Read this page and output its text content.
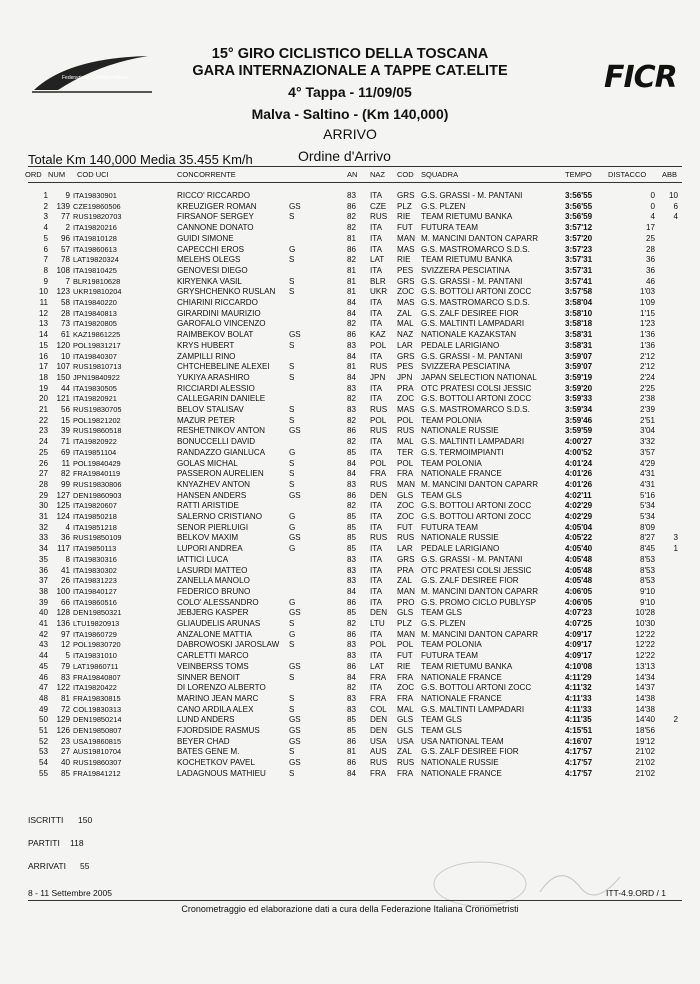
Federazione Ciclistica Italiana	FICR
15° GIRO CICLISTICO DELLA TOSCANA
GARA INTERNAZIONALE A TAPPE CAT.ELITE
4° Tappa - 11/09/05
Malva - Saltino - (Km 140,000)
ARRIVO
Totale Km 140,000 Media 35.455 Km/h	Ordine d'Arrivo
ORD NUM COD UCI	CONCORRENTE	AN NAZ COD SQUADRA	TEMPO DISTACCO ABB
1	9 ITA19830901	RICCO' RICCARDO	83 ITA GRS G.S. GRASSI - M. PANTANI	3:56'55	0	10
2	139 CZE19860506	KREUZIGER ROMAN	GS	86 CZE PLZ G.S. PLZEN	3:56'55	0	6
3	77 RUS19820703	FIRSANOF SERGEY	S	82 RUS RIE TEAM RIETUMU BANKA	3:56'59	4	4
4	2 ITA19820216	CANNONE DONATO	82 ITA FUT FUTURA TEAM	3:57'12	17
5	96 ITA19810128	GUIDI SIMONE	81 ITA MAN M. MANCINI DANTON CAPARR	3:57'20	25
6	57 ITA19860613	CAPECCHI EROS	G	86 ITA MAS G.S. MASTROMARCO S.D.S.	3:57'23	28
7	78 LAT19820324	MELEHS OLEGS	S	82 LAT RIE TEAM RIETUMU BANKA	3:57'31	36
8	108 ITA19810425	GENOVESI DIEGO	81 ITA PES SVIZZERA PESCIATINA	3:57'31	36
9	7 BLR19810628	KIRYENKA VASIL	S	81 BLR GRS G.S. GRASSI - M. PANTANI	3:57'41	46
10	123 UKR19810204	GRYSHCHENKO RUSLAN S	81 UKR ZOC G.S. BOTTOLI ARTONI ZOCC	3:57'58	1'03
11	58 ITA19840220	CHIARINI RICCARDO	84 ITA MAS G.S. MASTROMARCO S.D.S.	3:58'04	1'09
12	28 ITA19840813	GIRARDINI MAURIZIO	84 ITA ZAL G.S. ZALF DESIREE FIOR	3:58'10	1'15
13	73 ITA19820805	GAROFALO VINCENZO	82 ITA MAL G.S. MALTINTI LAMPADARI	3:58'18	1'23
14	61 KAZ19861225	RAIMBEKOV BOLAT	GS	86 KAZ NAZ NATIONALE KAZAKSTAN	3:58'31	1'36
15	120 POL19831217	KRYS HUBERT	S	83 POL LAR PEDALE LARIGIANO	3:58'31	1'36
16	10 ITA19840307	ZAMPILLI RINO	84 ITA GRS G.S. GRASSI - M. PANTANI	3:59'07	2'12
17	107 RUS19810713	CHTCHEBELINE ALEXEI S	81 RUS PES SVIZZERA PESCIATINA	3:59'07	2'12
18	150 JPN19840922	YUKIYA ARASHIRO	S	84 JPN JPN JAPAN SELECTION NATIONAL	3:59'19	2'24
19	44 ITA19830505	RICCIARDI ALESSIO	83 ITA PRA OTC PRATESI COLSI JESSIC	3:59'20	2'25
20	121 ITA19820921	CALLEGARIN DANIELE	82 ITA ZOC G.S. BOTTOLI ARTONI ZOCC	3:59'33	2'38
21	56 RUS19830705	BELOV STALISAV	S	83 RUS MAS G.S. MASTROMARCO S.D.S.	3:59'34	2'39
22	15 POL19821202	MAZUR PETER	S	82 POL POL TEAM POLONIA	3:59'46	2'51
23	39 RUS19860518	RESHETNIKOV ANTON	GS	86 RUS RUS NATIONALE RUSSIE	3:59'59	3'04
24	71 ITA19820922	BONUCCELLI DAVID	82 ITA MAL G.S. MALTINTI LAMPADARI	4:00'27	3'32
25	69 ITA19851104	RANDAZZO GIANLUCA	G	85 ITA TER G.S. TERMOIMPIANTI	4:00'52	3'57
26	11 POL19840429	GOLAS MICHAL	S	84 POL POL TEAM POLONIA	4:01'24	4'29
27	82 FRA19840119	PASSERON AURELIEN	S	84 FRA FRA NATIONALE FRANCE	4:01'26	4'31
28	99 RUS19830806	KNYAZHEV ANTON	S	83 RUS MAN M. MANCINI DANTON CAPARR	4:01'26	4'31
29	127 DEN19860903	HANSEN ANDERS	GS	86 DEN GLS TEAM GLS	4:02'11	5'16
30	125 ITA19820607	RATTI ARISTIDE	82 ITA ZOC G.S. BOTTOLI ARTONI ZOCC	4:02'29	5'34
31	124 ITA19850218	SALERNO CRISTIANO	G	85 ITA ZOC G.S. BOTTOLI ARTONI ZOCC	4:02'29	5'34
32	4 ITA19851218	SENOR PIERLUIGI	G	85 ITA FUT FUTURA TEAM	4:05'04	8'09
33	36 RUS19850109	BELKOV MAXIM	GS	85 RUS RUS NATIONALE RUSSIE	4:05'22	8'27	3
34	117 ITA19850113	LUPORI ANDREA	G	85 ITA LAR PEDALE LARIGIANO	4:05'40	8'45	1
35	8 ITA19830316	IATTICI LUCA	83 ITA GRS G.S. GRASSI - M. PANTANI	4:05'48	8'53
36	41 ITA19830302	LASURDI MATTEO	83 ITA PRA OTC PRATESI COLSI JESSIC	4:05'48	8'53
37	26 ITA19831223	ZANELLA MANOLO	83 ITA ZAL G.S. ZALF DESIREE FIOR	4:05'48	8'53
38	100 ITA19840127	FEDERICO BRUNO	84 ITA MAN M. MANCINI DANTON CAPARR	4:06'05	9'10
39	66 ITA19860516	COLO' ALESSANDRO	G	86 ITA PRO G.S. PROMO CICLO PUBLYSP	4:06'05	9'10
40	128 DEN19850321	JEBJERG KASPER	GS	85 DEN GLS TEAM GLS	4:07'23	10'28
41	136 LTU19820913	GLIAUDELIS ARUNAS	S	82 LTU PLZ G.S. PLZEN	4:07'25	10'30
42	97 ITA19860729	ANZALONE MATTIA	G	86 ITA MAN M. MANCINI DANTON CAPARR	4:09'17	12'22
43	12 POL19830720	DABROWOSKI JAROSLAW S	83 POL POL TEAM POLONIA	4:09'17	12'22
44	5 ITA19831010	CARLETTI MARCO	83 ITA FUT FUTURA TEAM	4:09'17	12'22
45	79 LAT19860711	VEINBERSS TOMS	GS	86 LAT RIE TEAM RIETUMU BANKA	4:10'08	13'13
46	83 FRA19840807	SINNER BENOIT	S	84 FRA FRA NATIONALE FRANCE	4:11'29	14'34
47	122 ITA19820422	DI LORENZO ALBERTO	82 ITA ZOC G.S. BOTTOLI ARTONI ZOCC	4:11'32	14'37
48	81 FRA19830815	MARINO JEAN MARC	S	83 FRA FRA NATIONALE FRANCE	4:11'33	14'38
49	72 COL19830313	CANO ARDILA ALEX	S	83 COL MAL G.S. MALTINTI LAMPADARI	4:11'33	14'38
50	129 DEN19850214	LUND ANDERS	GS	85 DEN GLS TEAM GLS	4:11'35	14'40	2
51	126 DEN19850807	FJORDSIDE RASMUS	GS	85 DEN GLS TEAM GLS	4:15'51	18'56
52	23 USA19860815	BEYER CHAD	GS	86 USA USA USA NATIONAL TEAM	4:16'07	19'12
53	27 AUS19810704	BATES GENE M.	S	81 AUS ZAL G.S. ZALF DESIREE FIOR	4:17'57	21'02
54	40 RUS19860307	KOCHETKOV PAVEL	GS	86 RUS RUS NATIONALE RUSSIE	4:17'57	21'02
55	85 FRA19841212	LADAGNOUS MATHIEU	S	84 FRA FRA NATIONALE FRANCE	4:17'57	21'02
ISCRITTI 150
PARTITI 118
ARRIVATI 55
8 - 11 Settembre 2005	ITT-4.9.ORD / 1
Cronometraggio ed elaborazione dati a cura della Federazione Italiana Cronometristi
